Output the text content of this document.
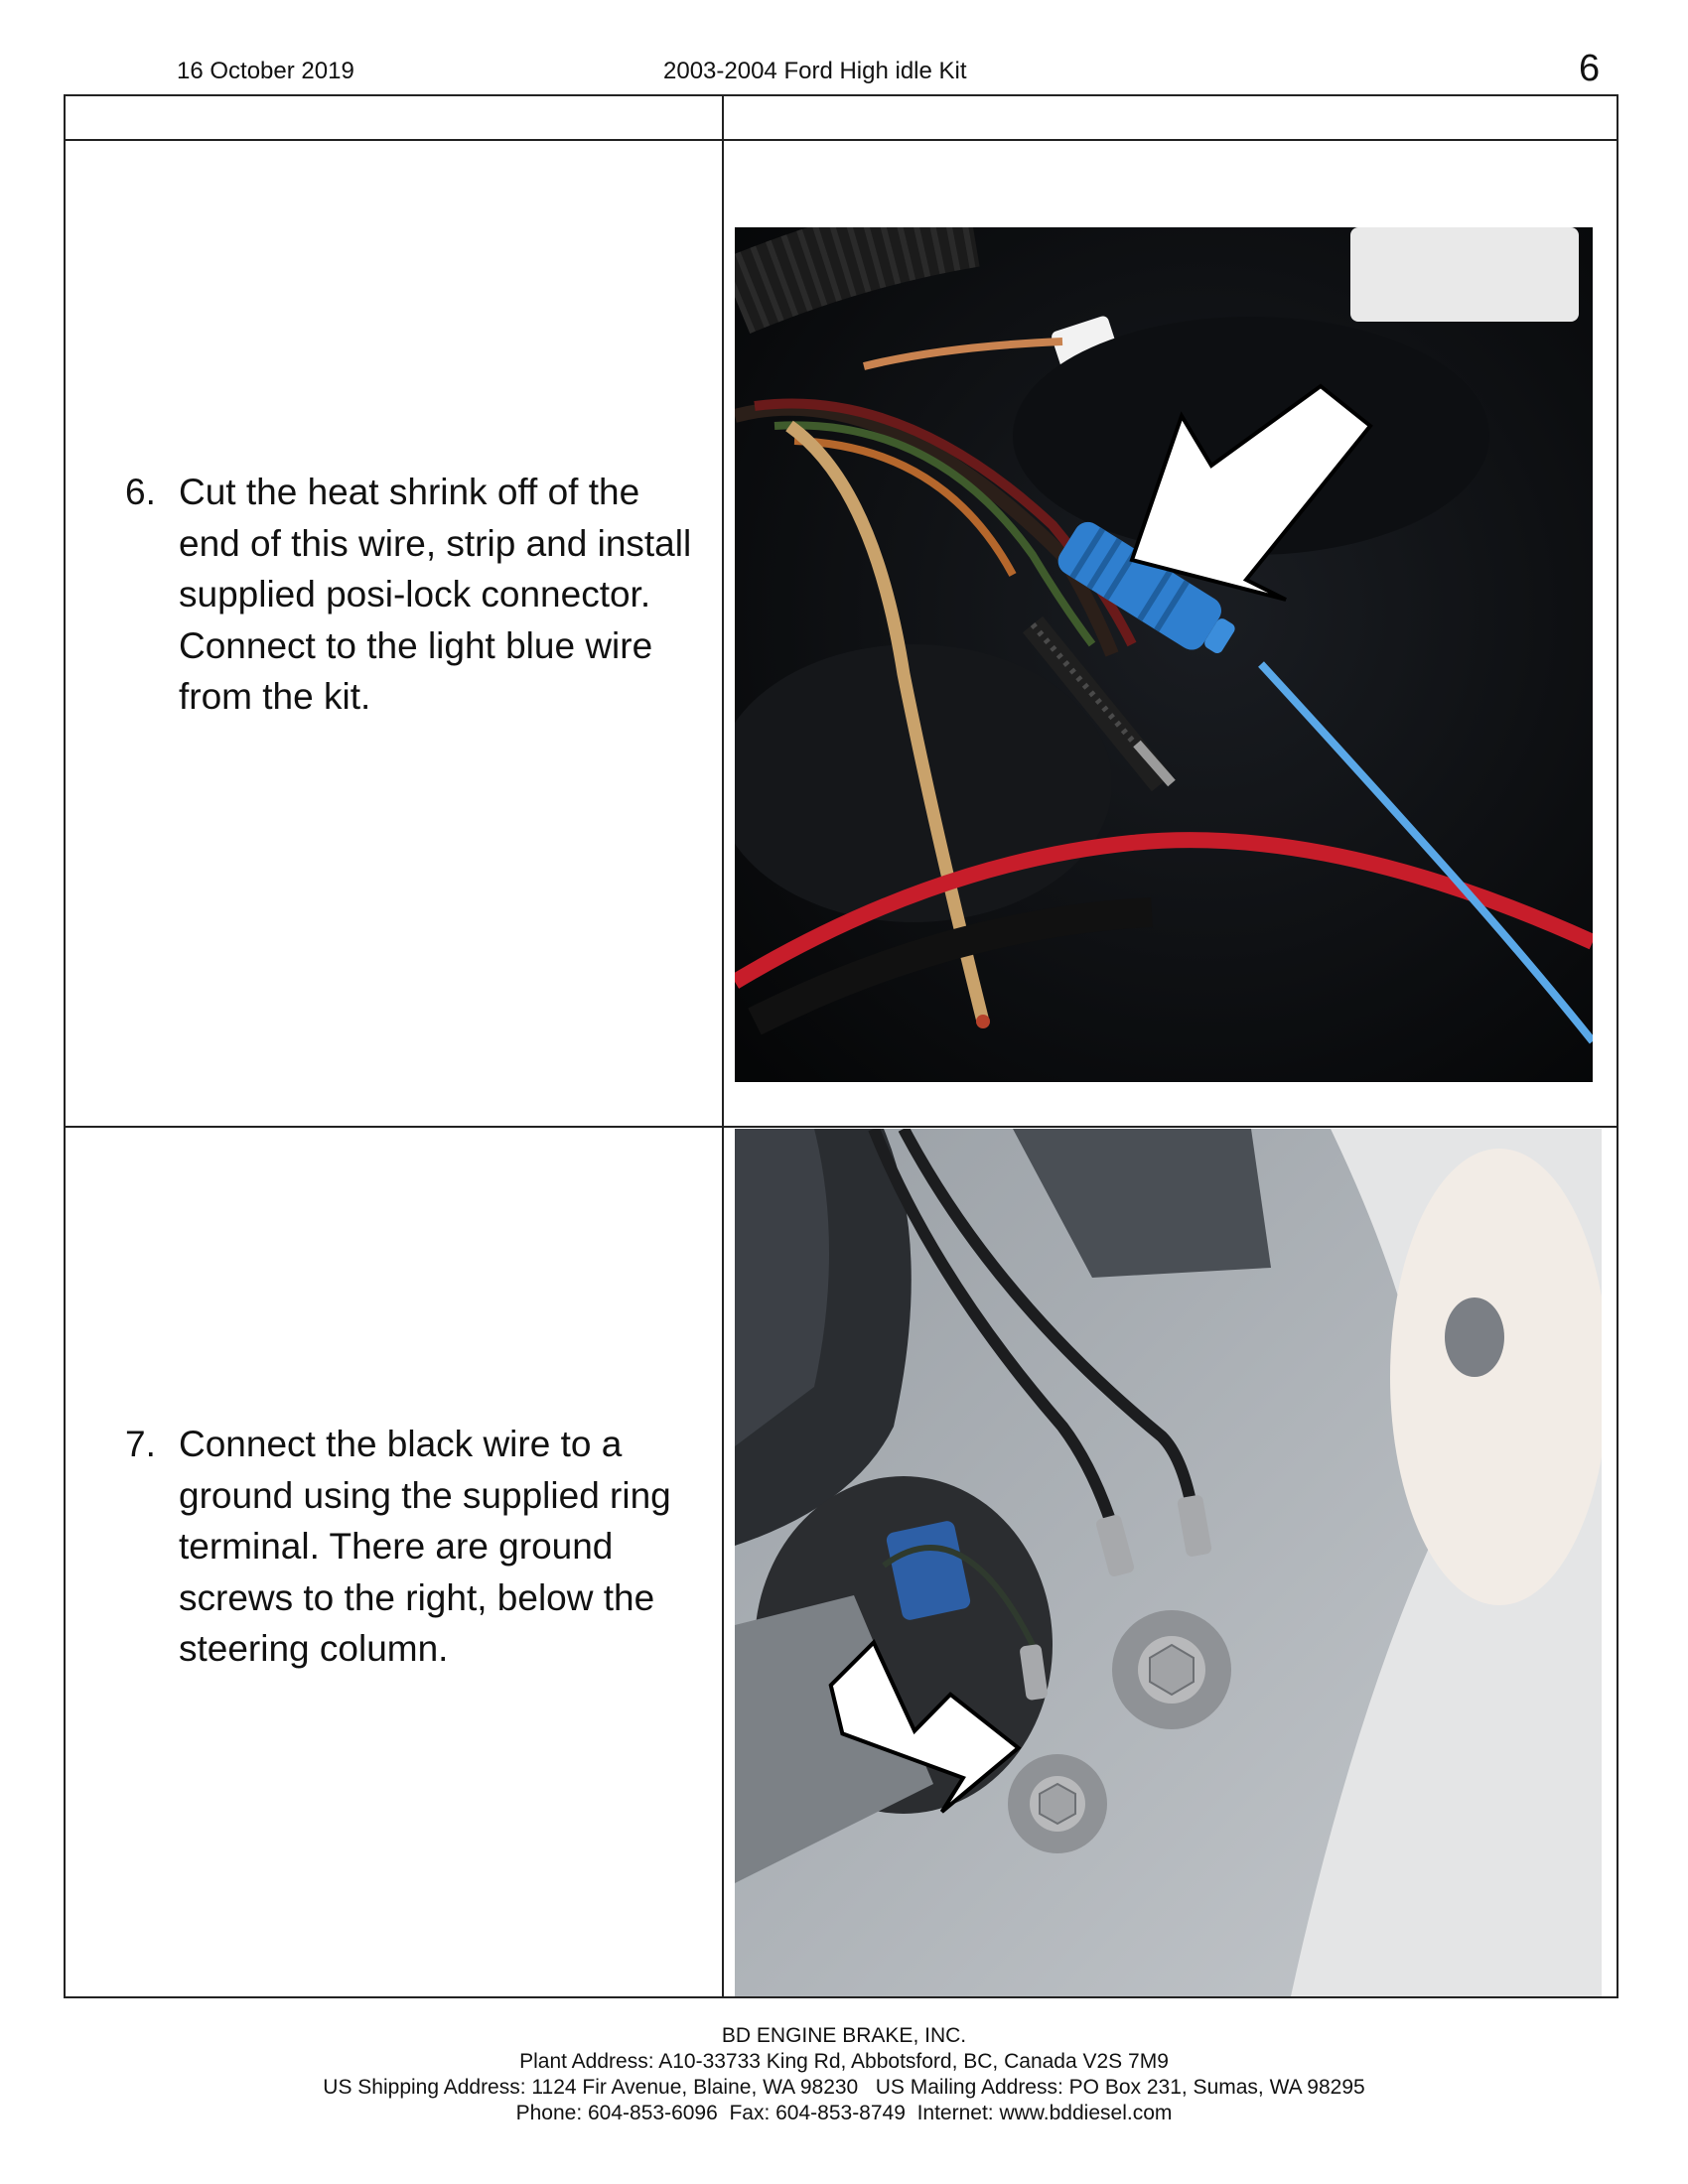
16 October 2019	2003-2004 Ford High idle Kit	6
6. Cut the heat shrink off of the end of this wire, strip and install supplied posi-lock connector. Connect to the light blue wire from the kit.
7. Connect the black wire to a ground using the supplied ring terminal. There are ground screws to the right, below the steering column.
BD ENGINE BRAKE, INC.
Plant Address: A10-33733 King Rd, Abbotsford, BC, Canada V2S 7M9
US Shipping Address: 1124 Fir Avenue, Blaine, WA 98230   US Mailing Address: PO Box 231, Sumas, WA 98295
Phone: 604-853-6096  Fax: 604-853-8749  Internet: www.bddiesel.com
